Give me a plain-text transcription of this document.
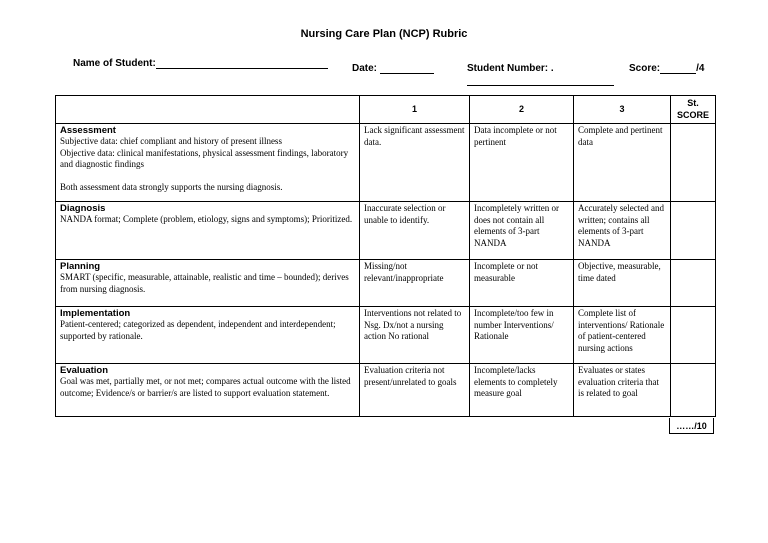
Nursing Care Plan (NCP) Rubric
Name of Student:	Date:	Student Number: .	Score:	/4
	1	2	3	St. SCORE

Assessment
Subjective data: chief compliant and history of present illness
Objective data: clinical manifestations, physical assessment findings, laboratory and diagnostic findings
Both assessment data strongly supports the nursing diagnosis.	Lack significant assessment data.	Data incomplete or not pertinent	Complete and pertinent data	

Diagnosis
NANDA format; Complete (problem, etiology, signs and symptoms); Prioritized.	Inaccurate selection or unable to identify.	Incompletely written or does not contain all elements of 3-part NANDA	Accurately selected and written; contains all elements of 3-part NANDA	

Planning
SMART (specific, measurable, attainable, realistic and time – bounded); derives from nursing diagnosis.	Missing/not relevant/inappropriate	Incomplete or not measurable	Objective, measurable, time dated	

Implementation
Patient-centered; categorized as dependent, independent and interdependent; supported by rationale.	Interventions not related to Nsg. Dx/not a nursing action No rational	Incomplete/too few in number Interventions/ Rationale	Complete list of interventions/ Rationale of patient-centered nursing actions	

Evaluation
Goal was met, partially met, or not met; compares actual outcome with the listed outcome; Evidence/s or barrier/s are listed to support evaluation statement.	Evaluation criteria not present/unrelated to goals	Incomplete/lacks elements to completely measure goal	Evaluates or states evaluation criteria that is related to goal	
……/10
